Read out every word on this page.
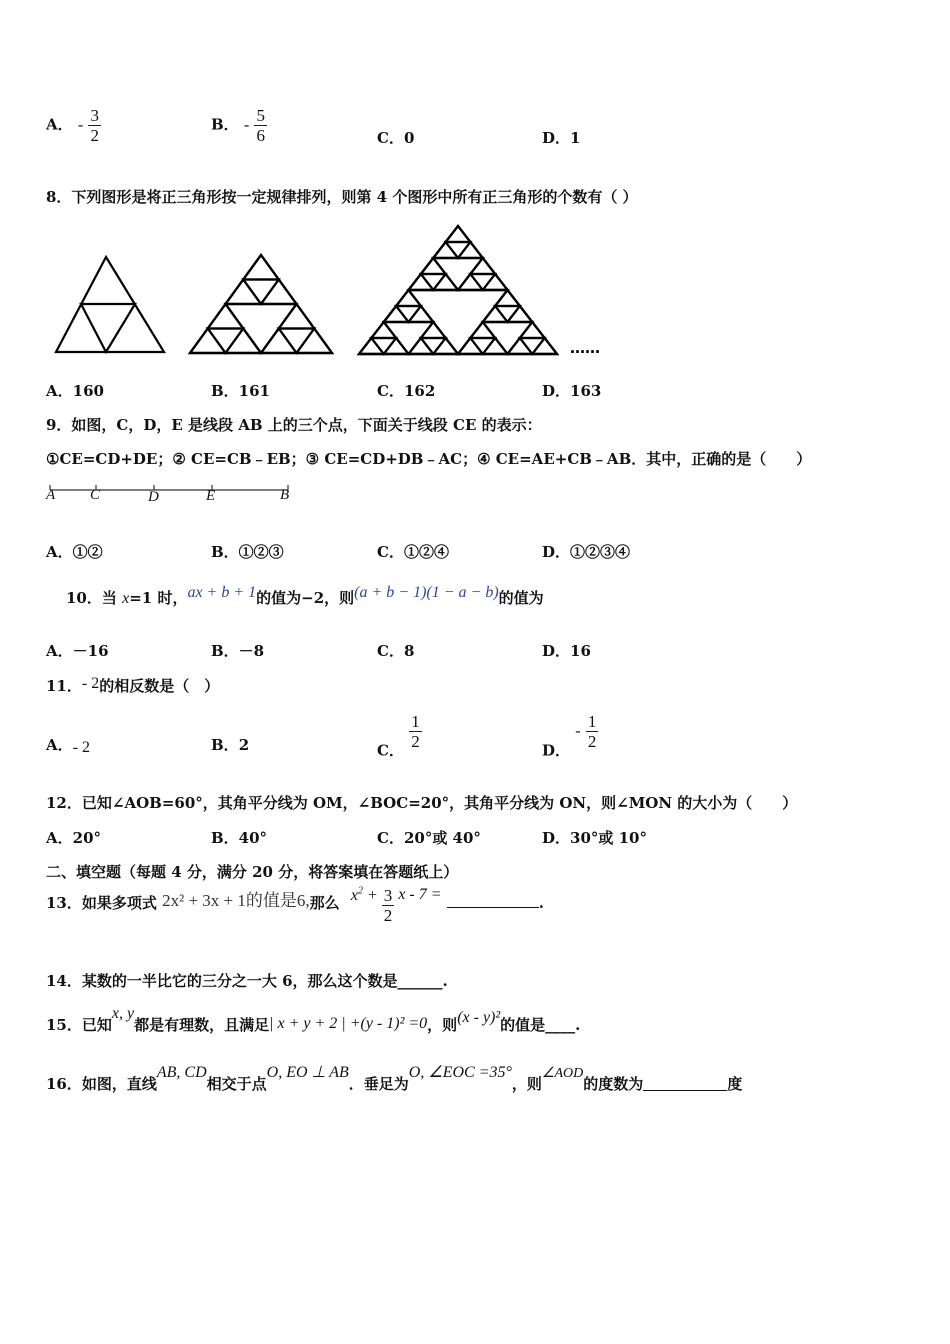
A． - $\frac{3}{2}$	B． - $\frac{5}{6}$	C．0	D．1
8．下列图形是将正三角形按一定规律排列，则第 4 个图形中所有正三角形的个数有（ ）
……
A．160	B．161	C．162	D．163
9．如图，C，D，E 是线段 AB 上的三个点，下面关于线段 CE 的表示：
①CE=CD+DE；② CE=CB﹣EB；③ CE=CD+DB﹣AC；④ CE=AE+CB﹣AB．其中，正确的是（　　）
A C	D	E	B
A．①②	B．①②③	C．①②④	D．①②③④
10．当 x=1 时，ax + b + 1的值为−2，则(a + b − 1)(1 − a − b)的值为
A．－16	B．－8	C．8	D．16
11．- 2的相反数是（　）
A．- 2	B．2	C． $\frac{1}{2}$	D． - $\frac{1}{2}$
12．已知∠AOB=60°，其角平分线为 OM，∠BOC=20°，其角平分线为 ON，则∠MON 的大小为（　　）
A．20°	B．40°	C．20°或 40°	D．30°或 10°
二、填空题（每题 4 分，满分 20 分，将答案填在答题纸上）
13．如果多项式 2x² + 3x + 1的值是6,那么 $x^2 + \frac{3}{2}$ x - 7 =	.
14．某数的一半比它的三分之一大 6，那么这个数是______.
15．已知x, y都是有理数，且满足| x + y + 2 | +(y - 1)² =0，则(x - y)²的值是____.
16．如图，直线AB, CD相交于点O, EO ⊥ AB．垂足为O, ∠EOC =35°，则∠AOD的度数为	度
